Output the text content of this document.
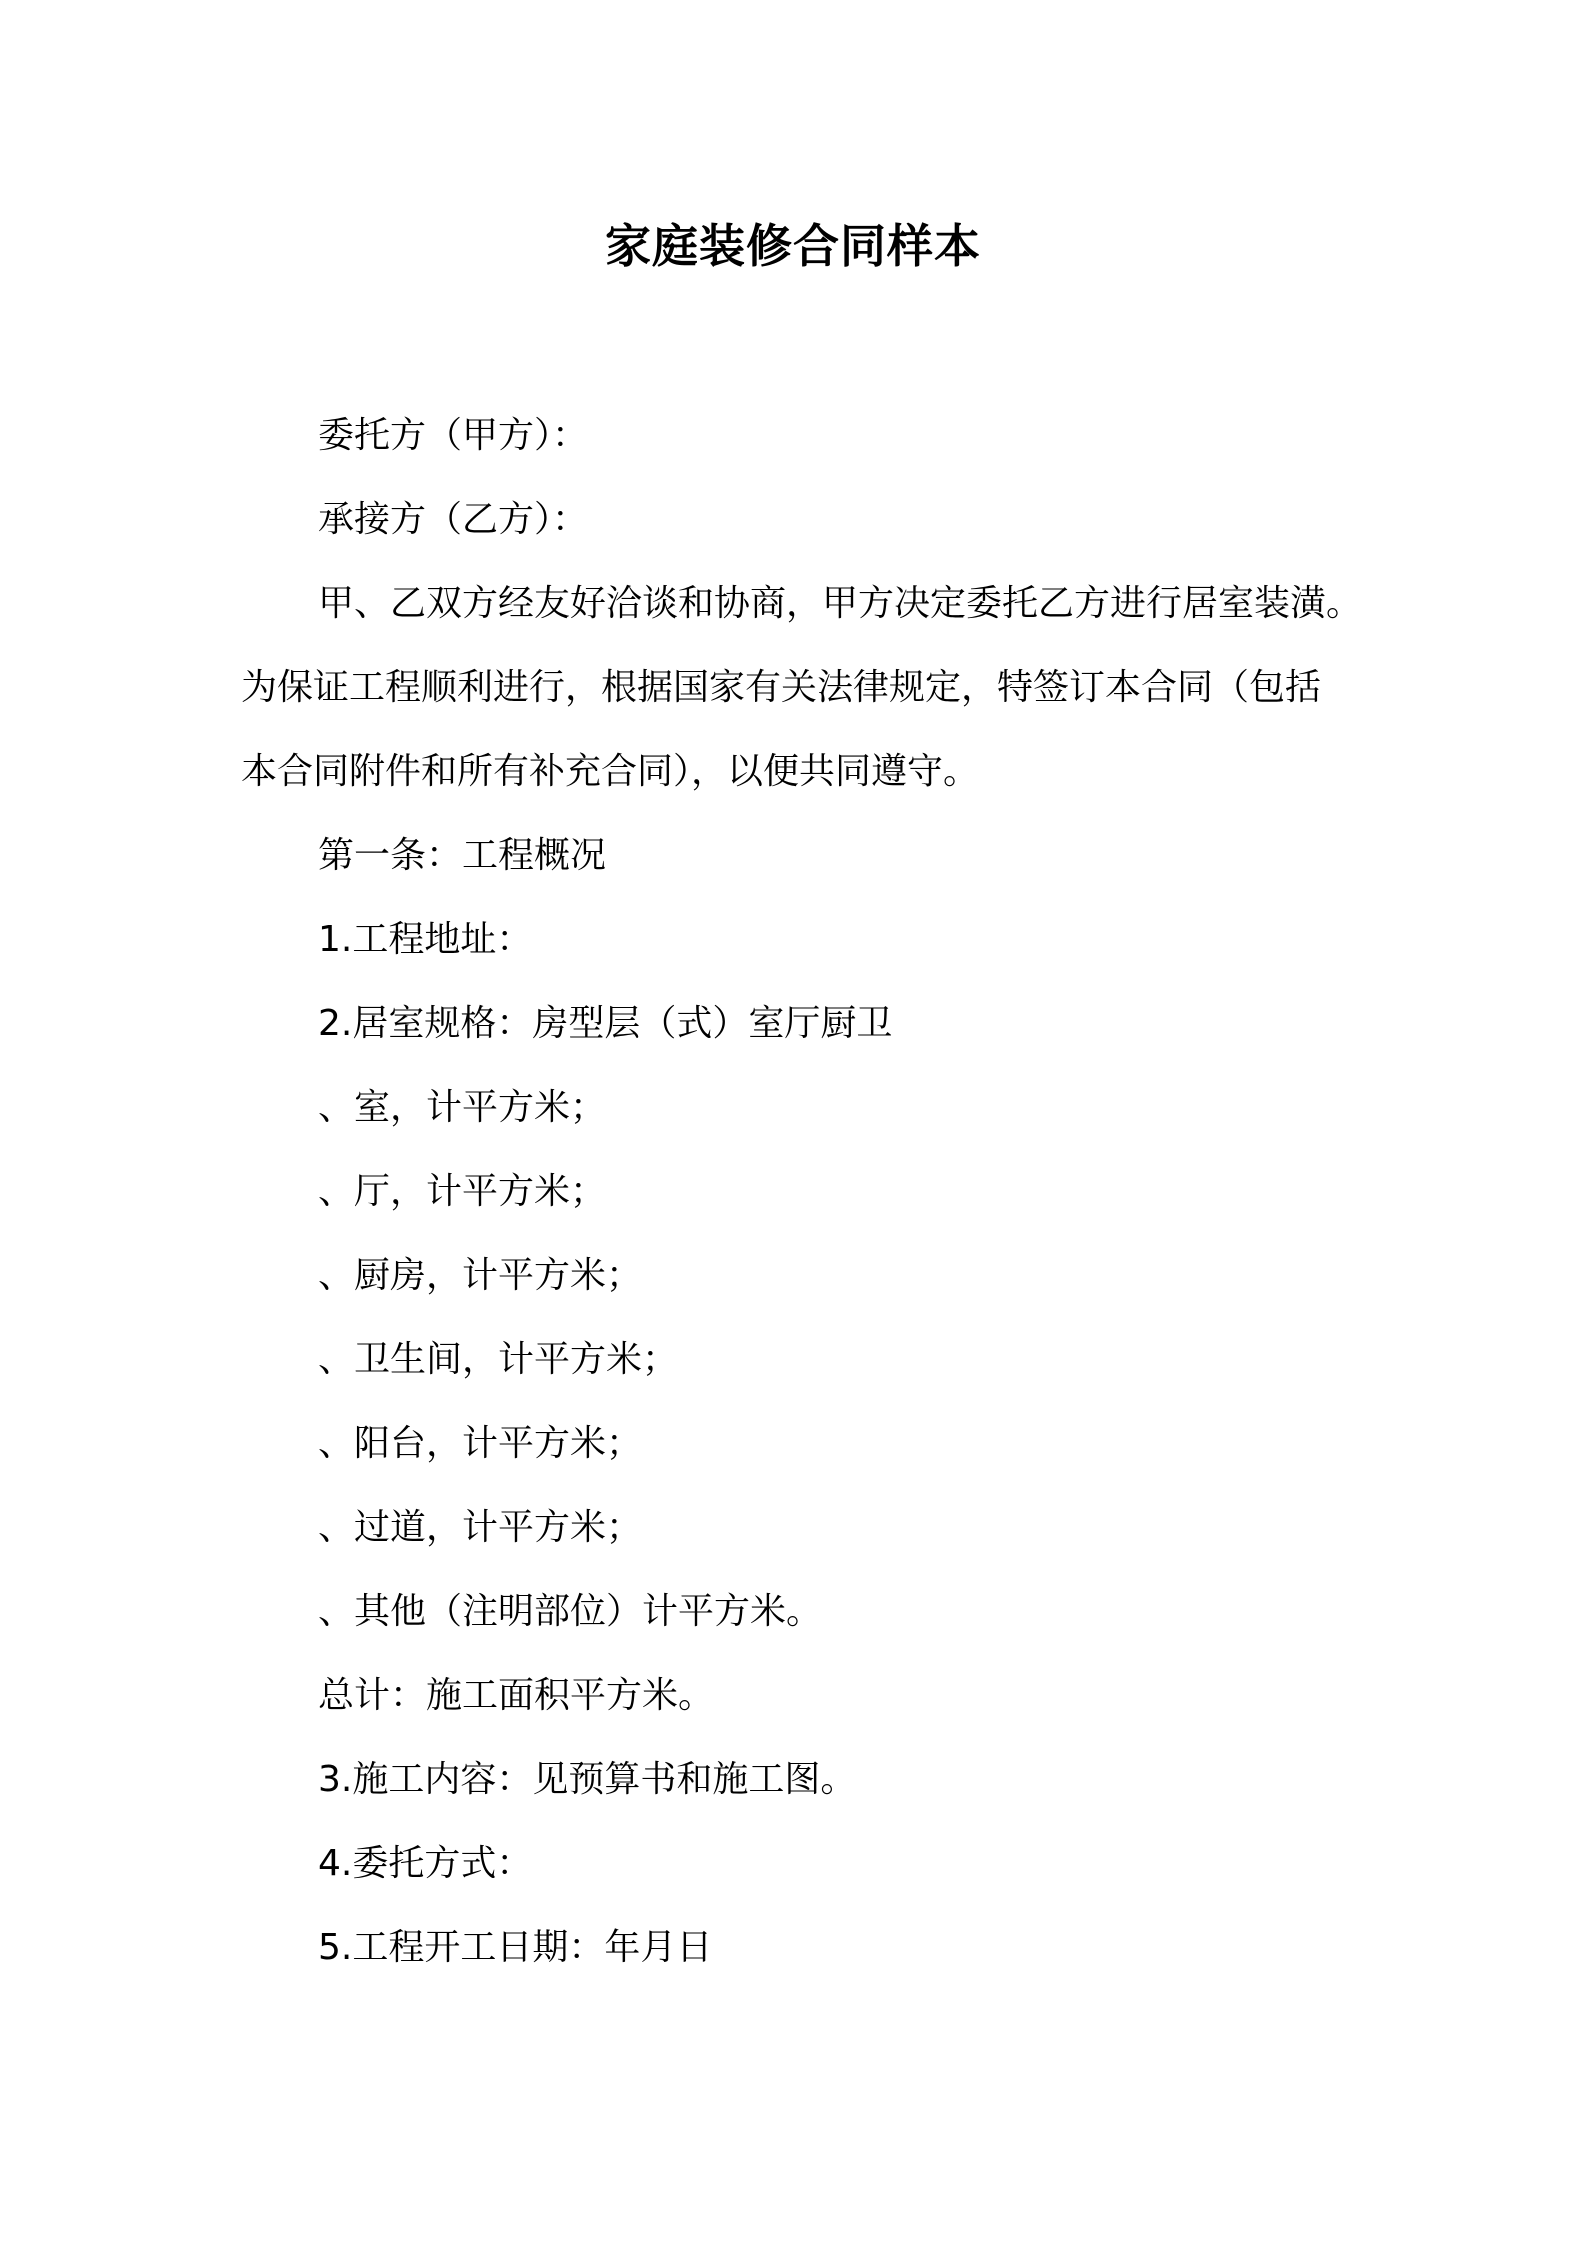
家庭装修合同样本
委托方（甲方）：
承接方（乙方）：
甲、乙双方经友好洽谈和协商，甲方决定委托乙方进行居室装潢。
为保证工程顺利进行，根据国家有关法律规定，特签订本合同（包括
本合同附件和所有补充合同），以便共同遵守。
第一条：工程概况
1.工程地址：
2.居室规格：房型层（式）室厅厨卫
、室，计平方米；
、厅，计平方米；
、厨房，计平方米；
、卫生间，计平方米；
、阳台，计平方米；
、过道，计平方米；
、其他（注明部位）计平方米。
总计：施工面积平方米。
3.施工内容：见预算书和施工图。
4.委托方式：
5.工程开工日期：年月日
